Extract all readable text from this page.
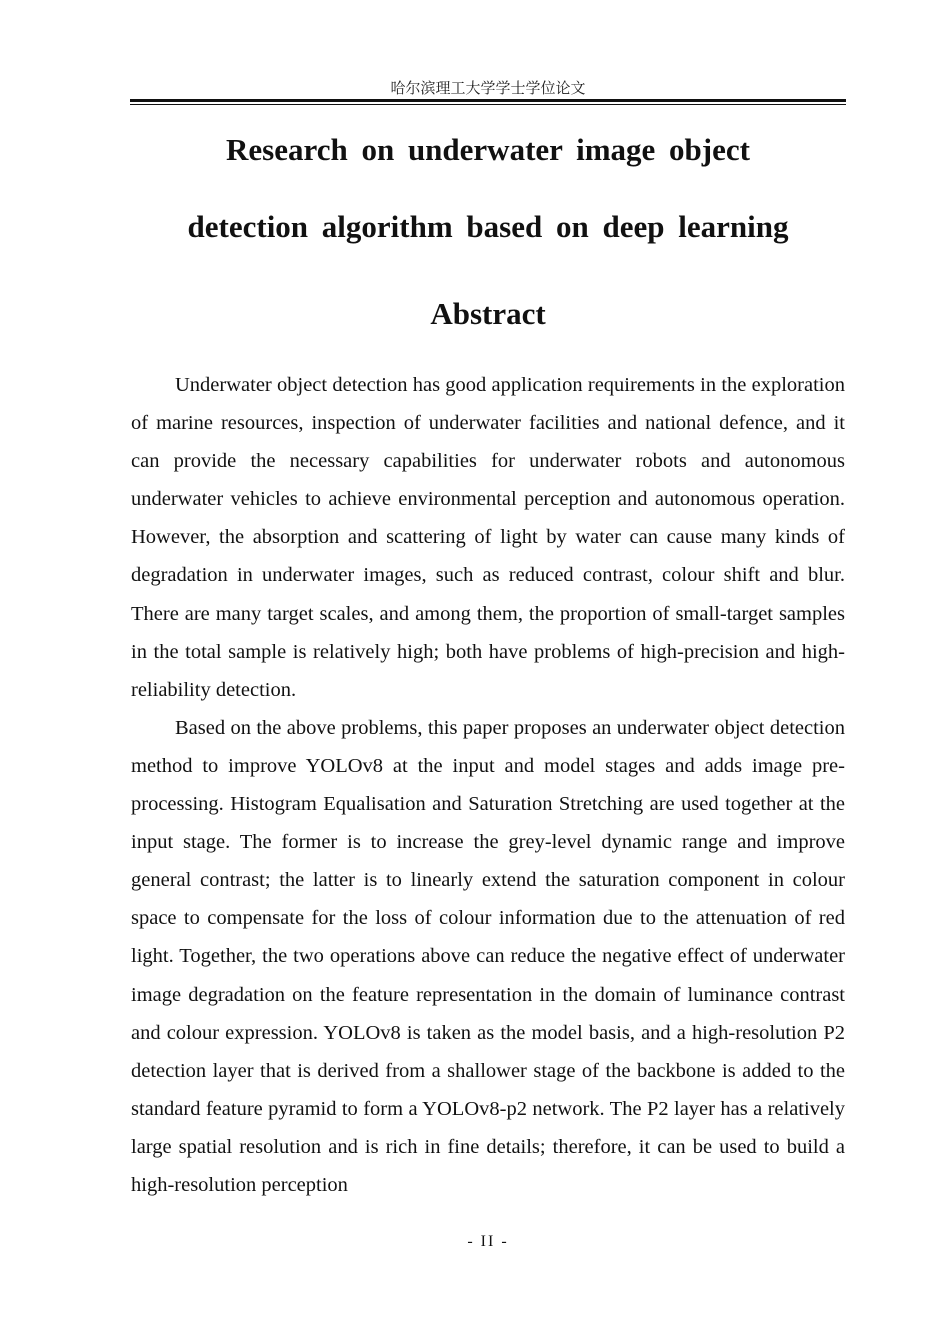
哈尔滨理工大学学士学位论文
Research on underwater image object
detection algorithm based on deep learning
Abstract

Underwater object detection has good application requirements in the exploration of marine resources, inspection of underwater facilities and national defence, and it can provide the necessary capabilities for underwater robots and autonomous underwater vehicles to achieve environmental perception and autonomous operation. However, the absorption and scattering of light by water can cause many kinds of degradation in underwater images, such as reduced contrast, colour shift and blur. There are many target scales, and among them, the proportion of small-target samples in the total sample is relatively high; both have problems of high-precision and high-reliability detection.

Based on the above problems, this paper proposes an underwater object detection method to improve YOLOv8 at the input and model stages and adds image pre-processing. Histogram Equalisation and Saturation Stretching are used together at the input stage. The former is to increase the grey-level dynamic range and improve general contrast; the latter is to linearly extend the saturation component in colour space to compensate for the loss of colour information due to the attenuation of red light. Together, the two operations above can reduce the negative effect of underwater image degradation on the feature representation in the domain of luminance contrast and colour expression. YOLOv8 is taken as the model basis, and a high-resolution P2 detection layer that is derived from a shallower stage of the backbone is added to the standard feature pyramid to form a YOLOv8-p2 network. The P2 layer has a relatively large spatial resolution and is rich in fine details; therefore, it can be used to build a high-resolution perception

- II -
